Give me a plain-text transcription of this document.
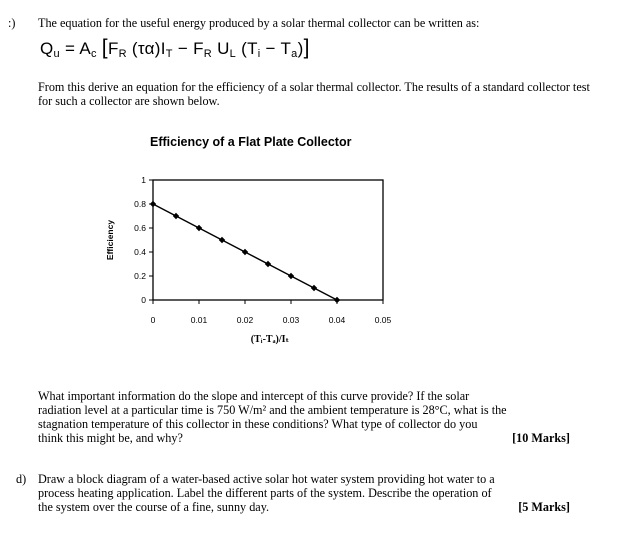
:) The equation for the useful energy produced by a solar thermal collector can be written as:
$Q_u = A_c$ [$F_R$ $(\tau\alpha)I_T - F_R$ $U_L$ $(T_i - T_a)$]
From this derive an equation for the efficiency of a solar thermal collector. The results of a standard collector test for such a collector are shown below.
Efficiency of a Flat Plate Collector
Efficiency
0
0.2
0.4
0.6
0.8
1
0	0.01	0.02	0.03	0.04	0.05
(Tᵢ-Tₐ)/Iₜ
What important information do the slope and intercept of this curve provide? If the solar
radiation level at a particular time is 750 W/m² and the ambient temperature is 28°C, what is the
stagnation temperature of this collector in these conditions? What type of collector do you
think this might be, and why?	[10 Marks]
d) Draw a block diagram of a water-based active solar hot water system providing hot water to a
process heating application. Label the different parts of the system. Describe the operation of
the system over the course of a fine, sunny day.	[5 Marks]
